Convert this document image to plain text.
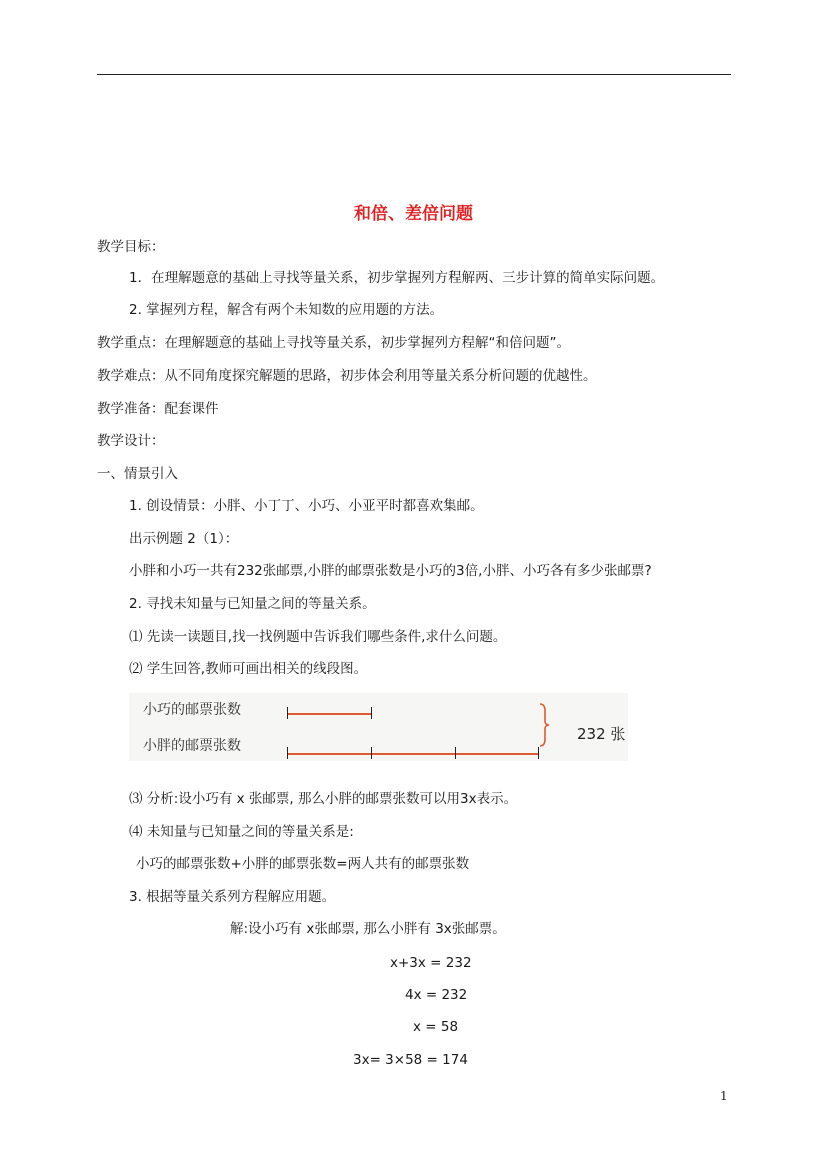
和倍、差倍问题
教学目标：
1．在理解题意的基础上寻找等量关系，初步掌握列方程解两、三步计算的简单实际问题。
2. 掌握列方程，解含有两个未知数的应用题的方法。
教学重点：在理解题意的基础上寻找等量关系，初步掌握列方程解“和倍问题”。
教学难点：从不同角度探究解题的思路，初步体会利用等量关系分析问题的优越性。
教学准备：配套课件
教学设计：
一、情景引入
1. 创设情景：小胖、小丁丁、小巧、小亚平时都喜欢集邮。
出示例题 2（1）：
小胖和小巧一共有232张邮票,小胖的邮票张数是小巧的3倍,小胖、小巧各有多少张邮票?
2. 寻找未知量与已知量之间的等量关系。
⑴ 先读一读题目,找一找例题中告诉我们哪些条件,求什么问题。
⑵ 学生回答,教师可画出相关的线段图。
小巧的邮票张数
小胖的邮票张数
232 张
⑶ 分析:设小巧有 x 张邮票, 那么小胖的邮票张数可以用3x表示。
⑷ 未知量与已知量之间的等量关系是:
小巧的邮票张数+小胖的邮票张数=两人共有的邮票张数
3. 根据等量关系列方程解应用题。
解:设小巧有 x张邮票, 那么小胖有 3x张邮票。
x+3x = 232
4x = 232
x = 58
3x= 3×58 = 174
1
